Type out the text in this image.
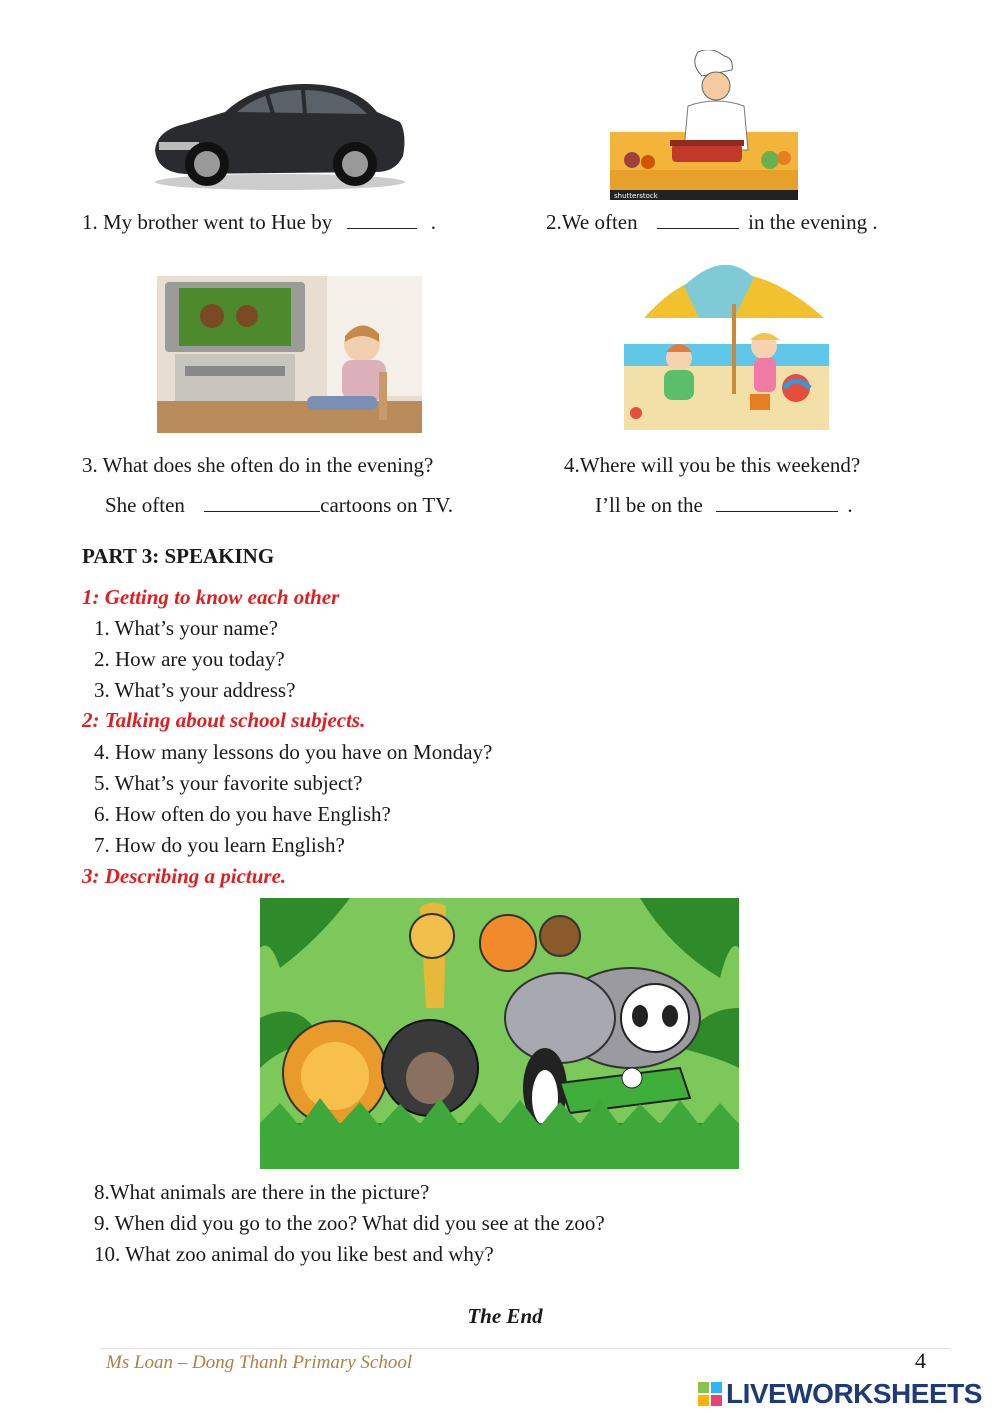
shutterstock
1. My brother went to Hue by	.	2.We often	in the evening .
3. What does she often do in the evening?	4.Where will you be this weekend?
She often	cartoons on TV.	I’ll be on the	.
PART 3: SPEAKING
1: Getting to know each other
1. What’s your name?
2. How are you today?
3. What’s your address?
2: Talking about school subjects.
4. How many lessons do you have on Monday?
5. What’s your favorite subject?
6. How often do you have English?
7. How do you learn English?
3: Describing a picture.
8.What animals are there in the picture?
9. When did you go to the zoo? What did you see at the zoo?
10. What zoo animal do you like best and why?
The End
Ms Loan – Dong Thanh Primary School	4
LIVEWORKSHEETS
